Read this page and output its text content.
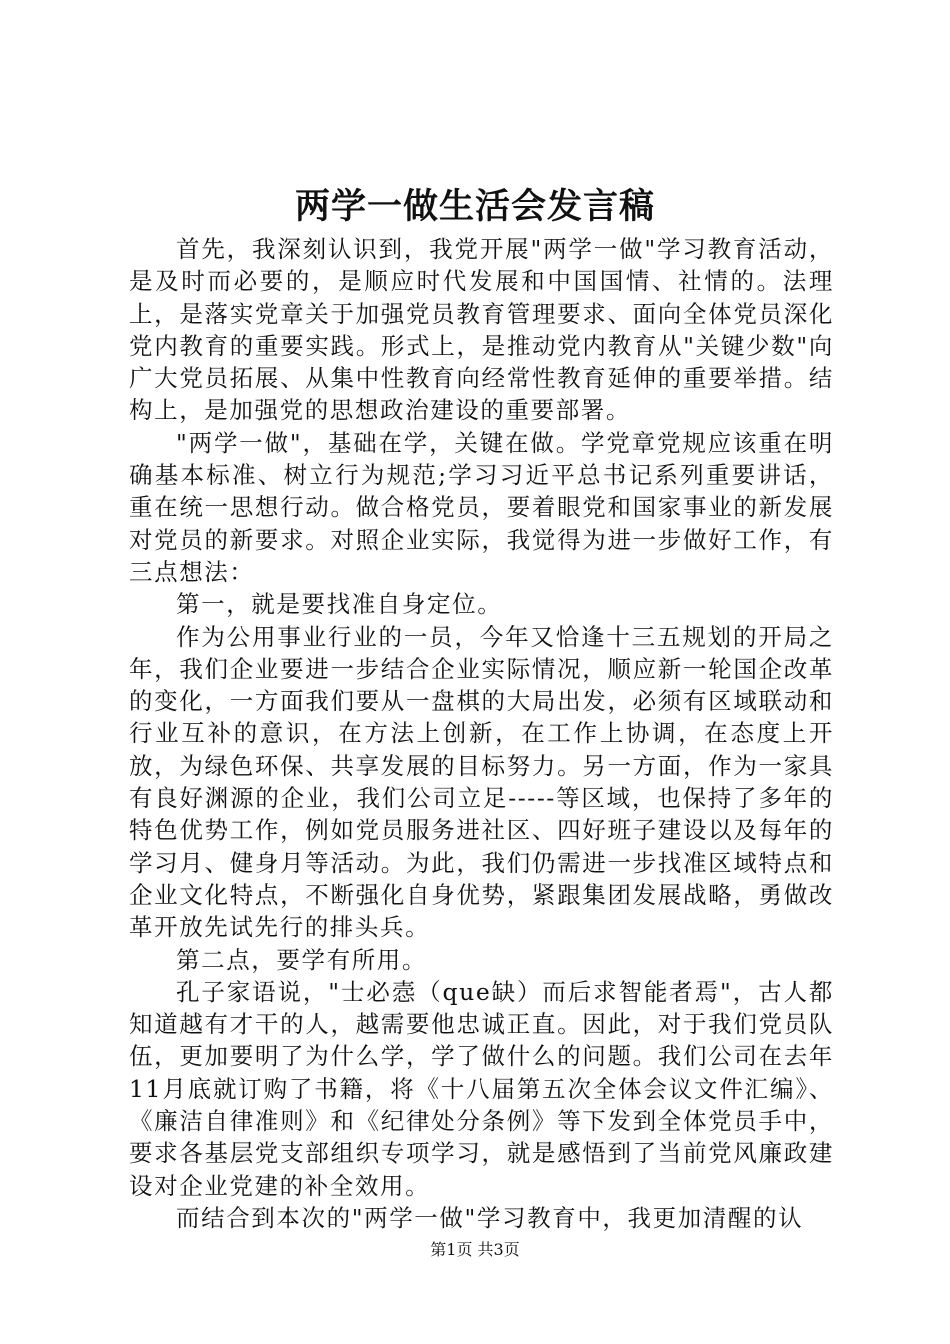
两学一做生活会发言稿

首先，我深刻认识到，我党开展"两学一做"学习教育活动，是及时而必要的，是顺应时代发展和中国国情、社情的。法理上，是落实党章关于加强党员教育管理要求、面向全体党员深化党内教育的重要实践。形式上，是推动党内教育从"关键少数"向广大党员拓展、从集中性教育向经常性教育延伸的重要举措。结构上，是加强党的思想政治建设的重要部署。

"两学一做"，基础在学，关键在做。学党章党规应该重在明确基本标准、树立行为规范;学习习近平总书记系列重要讲话，重在统一思想行动。做合格党员，要着眼党和国家事业的新发展对党员的新要求。对照企业实际，我觉得为进一步做好工作，有三点想法：

第一，就是要找准自身定位。

作为公用事业行业的一员，今年又恰逢十三五规划的开局之年，我们企业要进一步结合企业实际情况，顺应新一轮国企改革的变化，一方面我们要从一盘棋的大局出发，必须有区域联动和行业互补的意识，在方法上创新，在工作上协调，在态度上开放，为绿色环保、共享发展的目标努力。另一方面，作为一家具有良好渊源的企业，我们公司立足-----等区域，也保持了多年的特色优势工作，例如党员服务进社区、四好班子建设以及每年的学习月、健身月等活动。为此，我们仍需进一步找准区域特点和企业文化特点，不断强化自身优势，紧跟集团发展战略，勇做改革开放先试先行的排头兵。

第二点，要学有所用。

孔子家语说，"士必悫（que缺）而后求智能者焉"，古人都知道越有才干的人，越需要他忠诚正直。因此，对于我们党员队伍，更加要明了为什么学，学了做什么的问题。我们公司在去年11月底就订购了书籍，将《十八届第五次全体会议文件汇编》、《廉洁自律准则》和《纪律处分条例》等下发到全体党员手中，要求各基层党支部组织专项学习，就是感悟到了当前党风廉政建设对企业党建的补全效用。

而结合到本次的"两学一做"学习教育中，我更加清醒的认

第1页 共3页
